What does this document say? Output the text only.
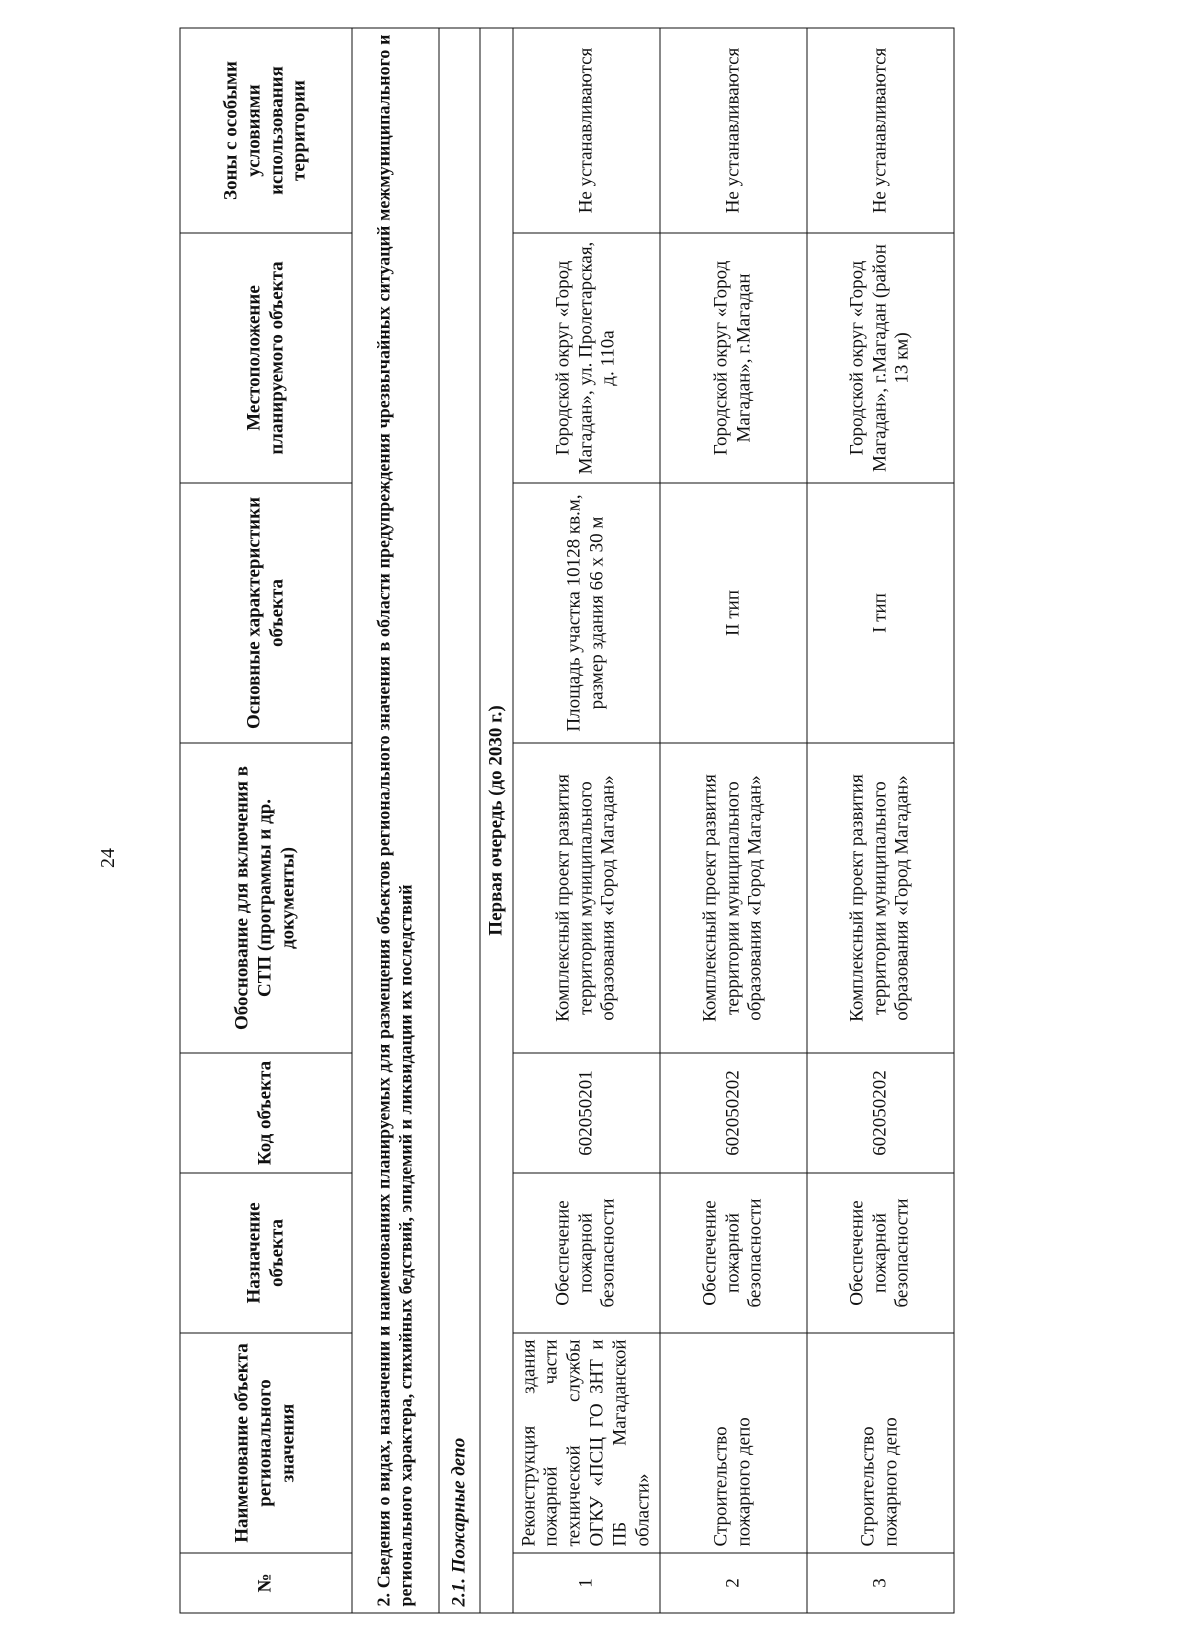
24
№	Наименование объекта регионального значения	Назначение объекта	Код объекта	Обоснование для включения в СТП (программы и др. документы)	Основные характеристики объекта	Местоположение планируемого объекта	Зоны с особыми условиями использования территории
2. Сведения о видах, назначении и наименованиях планируемых для размещения объектов регионального значения в области предупреждения чрезвычайных ситуаций межмуниципального и регионального характера, стихийных бедствий, эпидемий и ликвидации их последствий							
2.1. Пожарные депо							
Первая очередь (до 2030 г.)							
1	Реконструкция здания пожарной части технической службы ОГКУ «ПСЦ ГО ЗНТ и ПБ Магаданской области»	Обеспечение пожарной безопасности	602050201	Комплексный проект развития территории муниципального образования «Город Магадан»	Площадь участка 10128 кв.м, размер здания 66 х 30 м	Городской округ «Город Магадан», ул. Пролетарская, д. 110а	Не устанавливаются
2	Строительство пожарного депо	Обеспечение пожарной безопасности	602050202	Комплексный проект развития территории муниципального образования «Город Магадан»	II тип	Городской округ «Город Магадан», г.Магадан	Не устанавливаются
3	Строительство пожарного депо	Обеспечение пожарной безопасности	602050202	Комплексный проект развития территории муниципального образования «Город Магадан»	I тип	Городской округ «Город Магадан», г.Магадан (район 13 км)	Не устанавливаются
